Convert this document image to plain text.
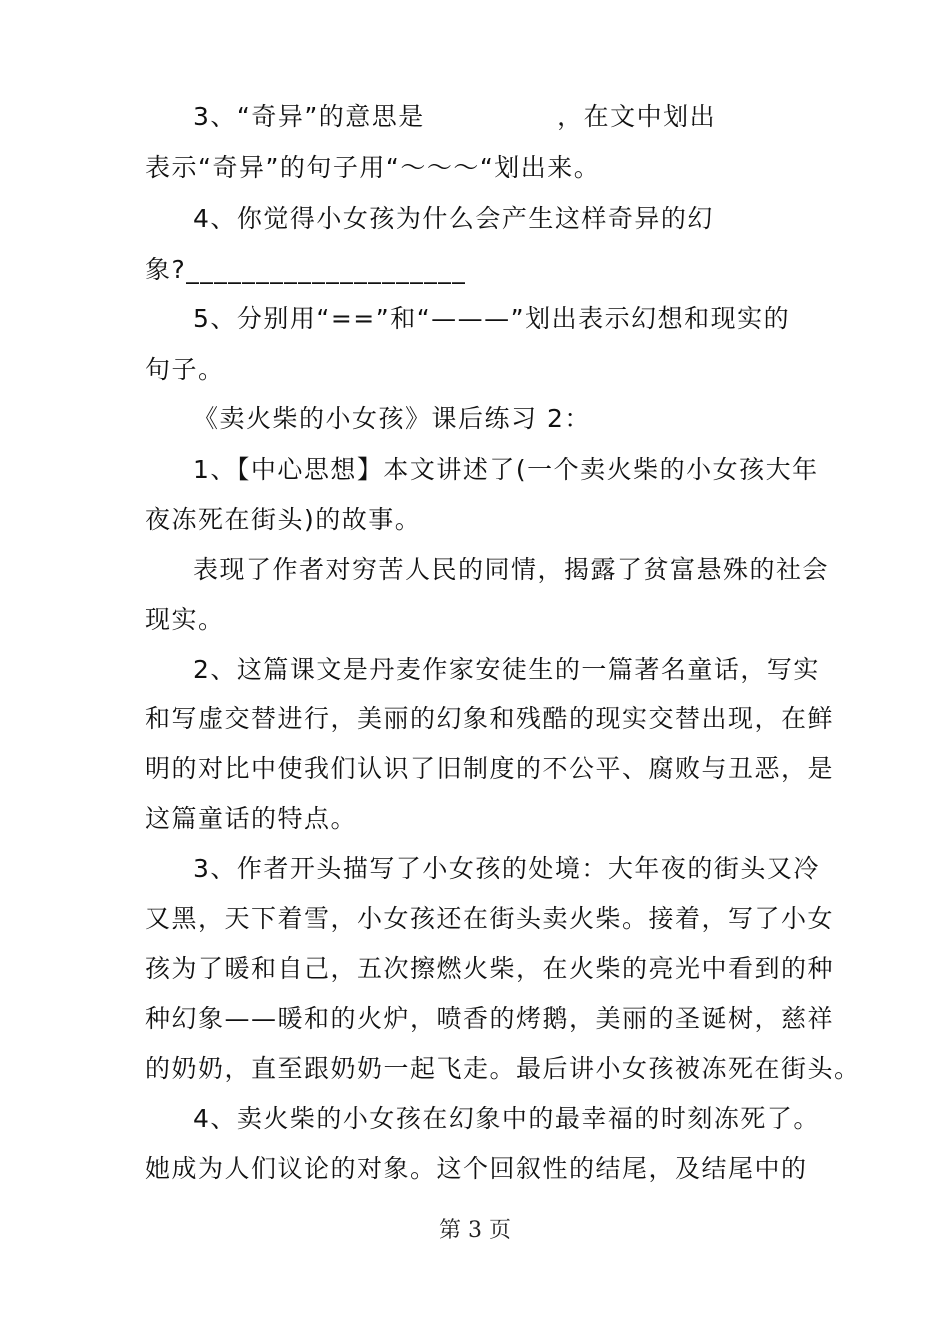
3、“奇异”的意思是              ，在文中划出
表示“奇异”的句子用“～～～“划出来。
4、你觉得小女孩为什么会产生这样奇异的幻
象?____________________
5、分别用“==”和“———”划出表示幻想和现实的
句子。
《卖火柴的小女孩》课后练习 2：
1、【中心思想】本文讲述了(一个卖火柴的小女孩大年
夜冻死在街头)的故事。
表现了作者对穷苦人民的同情，揭露了贫富悬殊的社会
现实。
2、这篇课文是丹麦作家安徒生的一篇著名童话，写实
和写虚交替进行，美丽的幻象和残酷的现实交替出现，在鲜
明的对比中使我们认识了旧制度的不公平、腐败与丑恶，是
这篇童话的特点。
3、作者开头描写了小女孩的处境：大年夜的街头又冷
又黑，天下着雪，小女孩还在街头卖火柴。接着，写了小女
孩为了暖和自己，五次擦燃火柴，在火柴的亮光中看到的种
种幻象——暖和的火炉，喷香的烤鹅，美丽的圣诞树，慈祥
的奶奶，直至跟奶奶一起飞走。最后讲小女孩被冻死在街头。
4、卖火柴的小女孩在幻象中的最幸福的时刻冻死了。
她成为人们议论的对象。这个回叙性的结尾，及结尾中的
第 3 页
